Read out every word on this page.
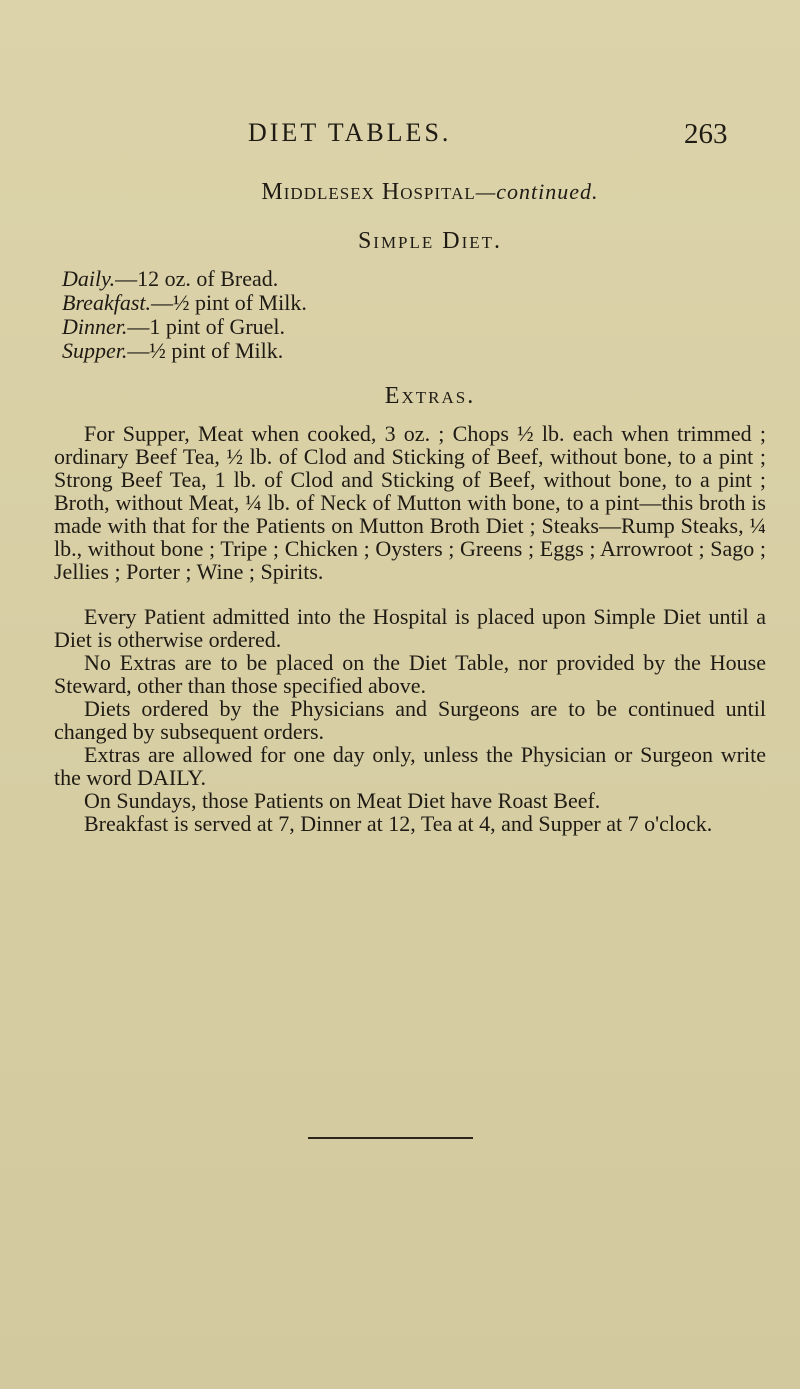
DIET TABLES.	263
Middlesex Hospital—continued.
Simple Diet.
Daily.—12 oz. of Bread.
Breakfast.—½ pint of Milk.
Dinner.—1 pint of Gruel.
Supper.—½ pint of Milk.
Extras.

For Supper, Meat when cooked, 3 oz. ; Chops ½ lb. each when trimmed ; ordinary Beef Tea, ½ lb. of Clod and Sticking of Beef, without bone, to a pint ; Strong Beef Tea, 1 lb. of Clod and Sticking of Beef, without bone, to a pint ; Broth, without Meat, ¼ lb. of Neck of Mutton with bone, to a pint—this broth is made with that for the Patients on Mutton Broth Diet ; Steaks—Rump Steaks, ¼ lb., without bone ; Tripe ; Chicken ; Oysters ; Greens ; Eggs ; Arrowroot ; Sago ; Jellies ; Porter ; Wine ; Spirits.

Every Patient admitted into the Hospital is placed upon Simple Diet until a Diet is otherwise ordered.

No Extras are to be placed on the Diet Table, nor provided by the House Steward, other than those specified above.

Diets ordered by the Physicians and Surgeons are to be continued until changed by subsequent orders.

Extras are allowed for one day only, unless the Physician or Surgeon write the word DAILY.

On Sundays, those Patients on Meat Diet have Roast Beef.

Breakfast is served at 7, Dinner at 12, Tea at 4, and Supper at 7 o'clock.
